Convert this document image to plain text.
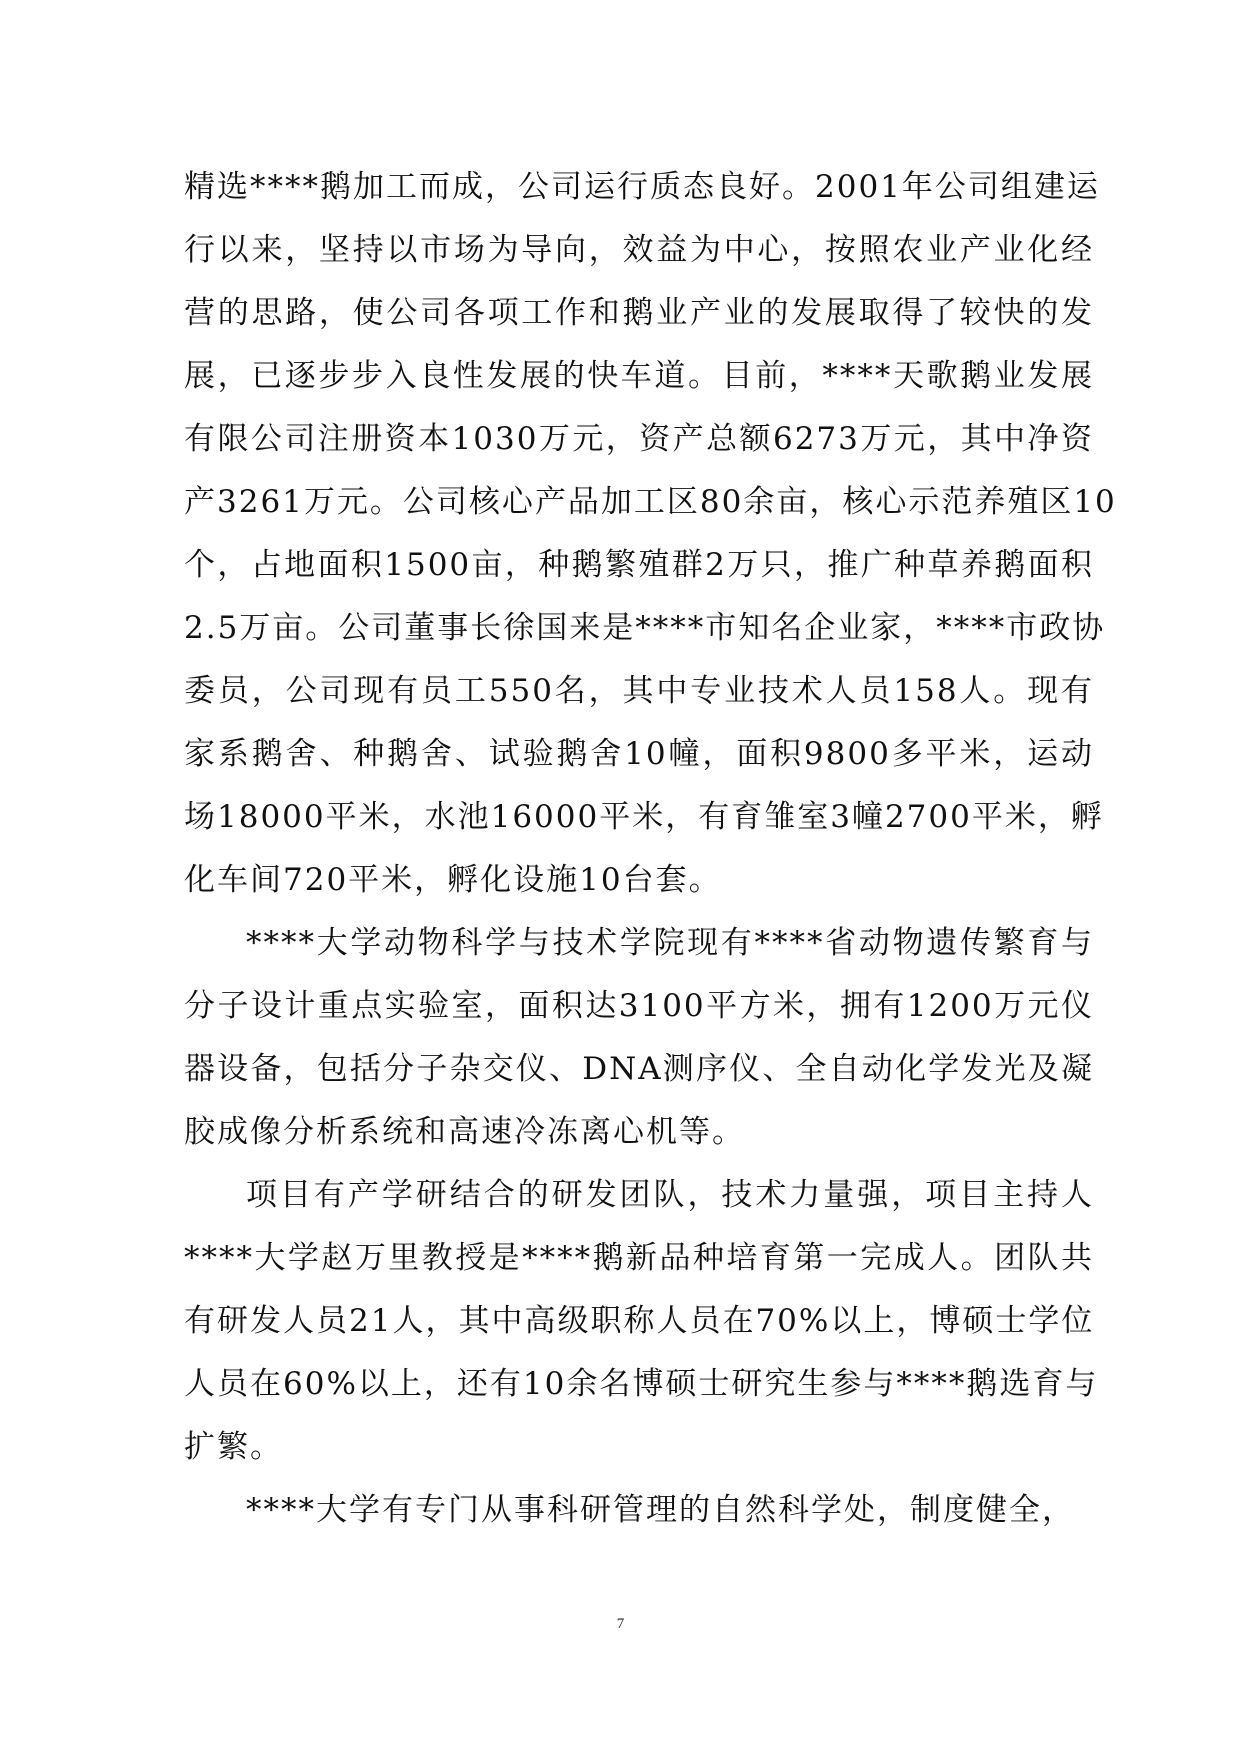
精选****鹅加工而成，公司运行质态良好。2001年公司组建运
行以来，坚持以市场为导向，效益为中心，按照农业产业化经
营的思路，使公司各项工作和鹅业产业的发展取得了较快的发
展，已逐步步入良性发展的快车道。目前，****天歌鹅业发展
有限公司注册资本1030万元，资产总额6273万元，其中净资
产3261万元。公司核心产品加工区80余亩，核心示范养殖区10
个，占地面积1500亩，种鹅繁殖群2万只，推广种草养鹅面积
2.5万亩。公司董事长徐国来是****市知名企业家，****市政协
委员，公司现有员工550名，其中专业技术人员158人。现有
家系鹅舍、种鹅舍、试验鹅舍10幢，面积9800多平米，运动
场18000平米，水池16000平米，有育雏室3幢2700平米，孵
化车间720平米，孵化设施10台套。
****大学动物科学与技术学院现有****省动物遗传繁育与
分子设计重点实验室，面积达3100平方米，拥有1200万元仪
器设备，包括分子杂交仪、DNA测序仪、全自动化学发光及凝
胶成像分析系统和高速冷冻离心机等。
项目有产学研结合的研发团队，技术力量强，项目主持人
****大学赵万里教授是****鹅新品种培育第一完成人。团队共
有研发人员21人，其中高级职称人员在70%以上，博硕士学位
人员在60%以上，还有10余名博硕士研究生参与****鹅选育与
扩繁。
****大学有专门从事科研管理的自然科学处，制度健全，
7
